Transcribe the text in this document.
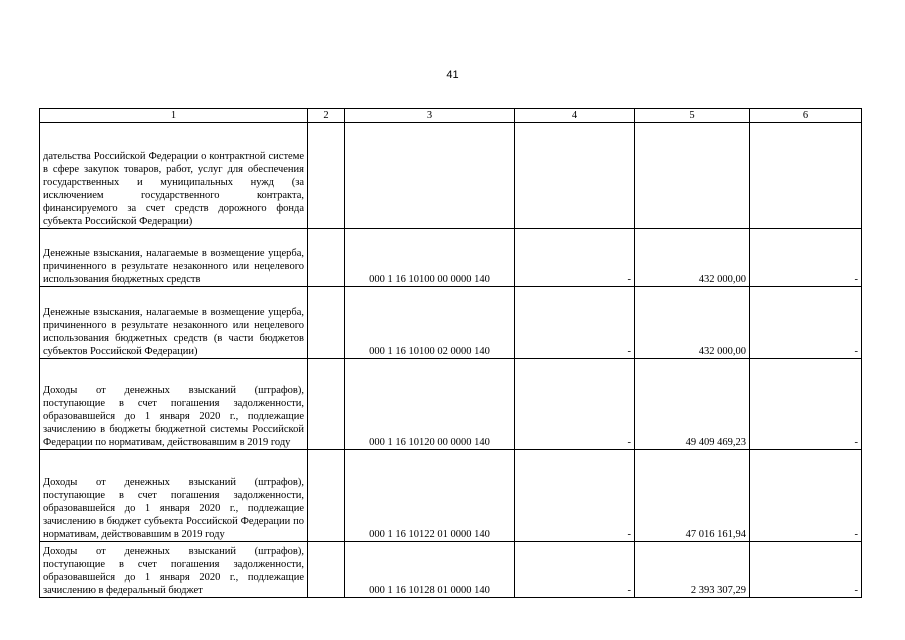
41
1	2	3	4	5	6
дательства Российской Федерации о контрактной системе в сфере закупок товаров, работ, услуг для обеспечения государственных и муниципальных нужд (за исключением государственного контракта, финансируемого за счет средств дорожного фонда субъекта Российской Федерации)					
Денежные взыскания, налагаемые в возмещение ущерба, причиненного в результате незаконного или нецелевого использования бюджетных средств		000 1 16 10100 00 0000 140	-	432 000,00	-
Денежные взыскания, налагаемые в возмещение ущерба, причиненного в результате незаконного или нецелевого использования бюджетных средств (в части бюджетов субъектов Российской Федерации)		000 1 16 10100 02 0000 140	-	432 000,00	-
Доходы от денежных взысканий (штрафов), поступающие в счет погашения задолженности, образовавшейся до 1 января 2020 г., подлежащие зачислению в бюджеты бюджетной системы Российской Федерации по нормативам, действовавшим в 2019 году		000 1 16 10120 00 0000 140	-	49 409 469,23	-
Доходы от денежных взысканий (штрафов), поступающие в счет погашения задолженности, образовавшейся до 1 января 2020 г., подлежащие зачислению в бюджет субъекта Российской Федерации по нормативам, действовавшим в 2019 году		000 1 16 10122 01 0000 140	-	47 016 161,94	-
Доходы от денежных взысканий (штрафов), поступающие в счет погашения задолженности, образовавшейся до 1 января 2020 г., подлежащие зачислению в федеральный бюджет		000 1 16 10128 01 0000 140	-	2 393 307,29	-
